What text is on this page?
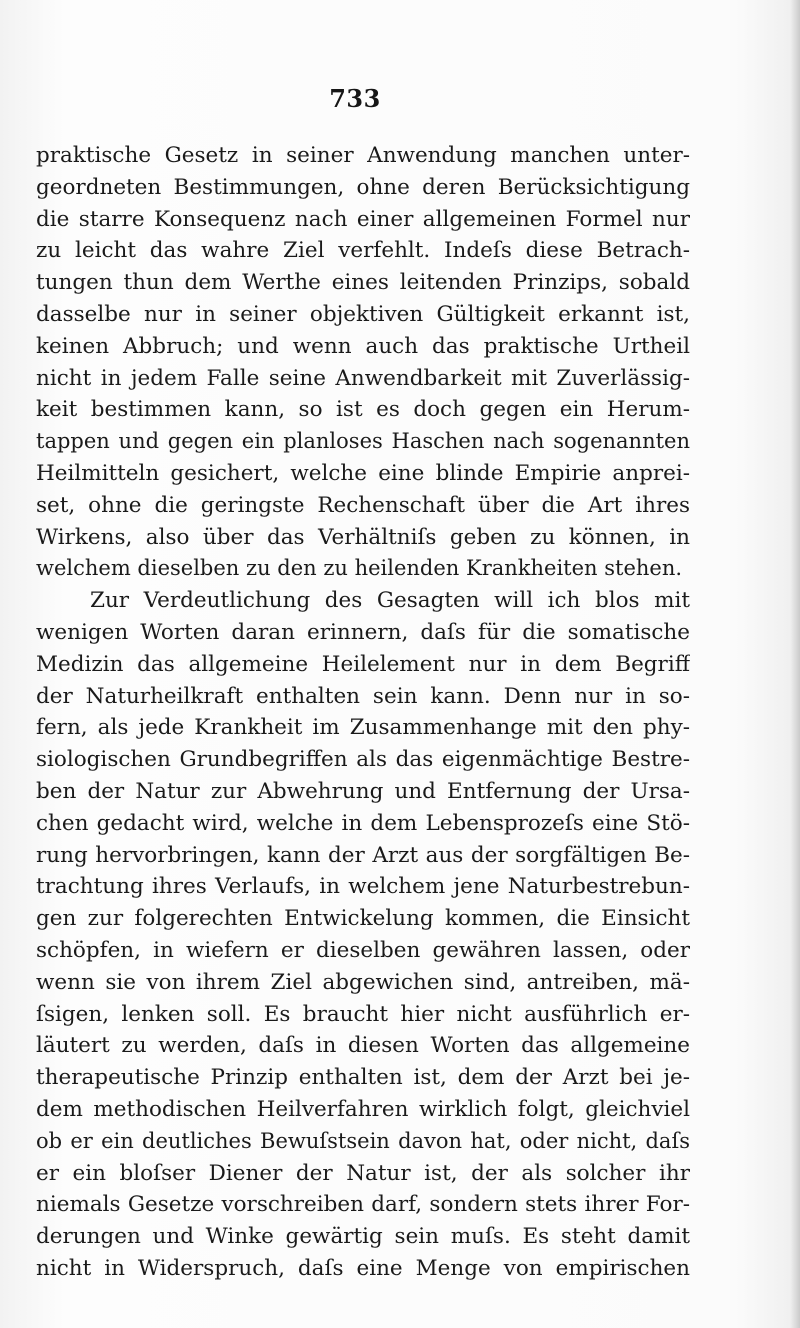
733
praktische Gesetz in seiner Anwendung manchen unter-
geordneten Bestimmungen, ohne deren Berücksichtigung
die starre Konsequenz nach einer allgemeinen Formel nur
zu leicht das wahre Ziel verfehlt. Indeſs diese Betrach-
tungen thun dem Werthe eines leitenden Prinzips, sobald
dasselbe nur in seiner objektiven Gültigkeit erkannt ist,
keinen Abbruch; und wenn auch das praktische Urtheil
nicht in jedem Falle seine Anwendbarkeit mit Zuverlässig-
keit bestimmen kann, so ist es doch gegen ein Herum-
tappen und gegen ein planloses Haschen nach sogenannten
Heilmitteln gesichert, welche eine blinde Empirie anprei-
set, ohne die geringste Rechenschaft über die Art ihres
Wirkens, also über das Verhältniſs geben zu können, in
welchem dieselben zu den zu heilenden Krankheiten stehen.
Zur Verdeutlichung des Gesagten will ich blos mit
wenigen Worten daran erinnern, daſs für die somatische
Medizin das allgemeine Heilelement nur in dem Begriff
der Naturheilkraft enthalten sein kann. Denn nur in so-
fern, als jede Krankheit im Zusammenhange mit den phy-
siologischen Grundbegriffen als das eigenmächtige Bestre-
ben der Natur zur Abwehrung und Entfernung der Ursa-
chen gedacht wird, welche in dem Lebensprozeſs eine Stö-
rung hervorbringen, kann der Arzt aus der sorgfältigen Be-
trachtung ihres Verlaufs, in welchem jene Naturbestrebun-
gen zur folgerechten Entwickelung kommen, die Einsicht
schöpfen, in wiefern er dieselben gewähren lassen, oder
wenn sie von ihrem Ziel abgewichen sind, antreiben, mä-
ſsigen, lenken soll. Es braucht hier nicht ausführlich er-
läutert zu werden, daſs in diesen Worten das allgemeine
therapeutische Prinzip enthalten ist, dem der Arzt bei je-
dem methodischen Heilverfahren wirklich folgt, gleichviel
ob er ein deutliches Bewuſstsein davon hat, oder nicht, daſs
er ein bloſser Diener der Natur ist, der als solcher ihr
niemals Gesetze vorschreiben darf, sondern stets ihrer For-
derungen und Winke gewärtig sein muſs. Es steht damit
nicht in Widerspruch, daſs eine Menge von empirischen
